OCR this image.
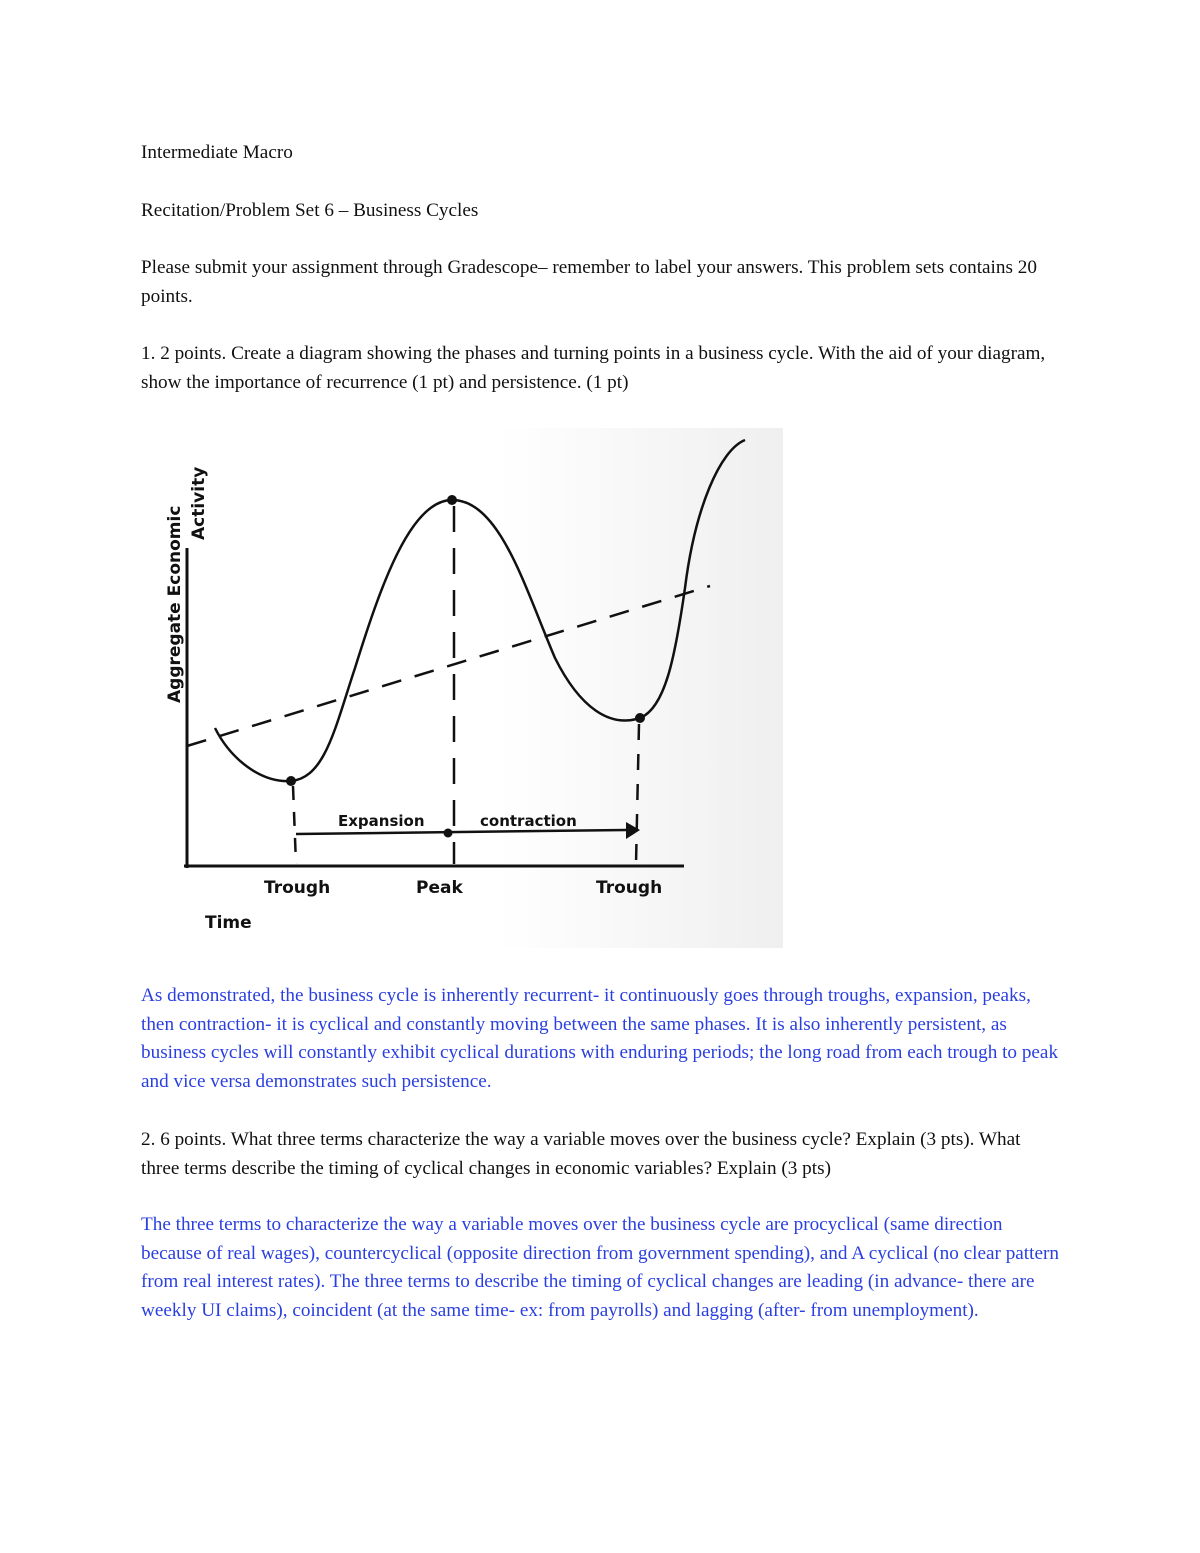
Intermediate Macro

Recitation/Problem Set 6 – Business Cycles

Please submit your assignment through Gradescope– remember to label your answers. This problem sets contains 20 points.

1. 2 points. Create a diagram showing the phases and turning points in a business cycle. With the aid of your diagram, show the importance of recurrence (1 pt) and persistence. (1 pt)

Expansion	contraction
Trough	Peak	Trough
Time
Aggregate Economic
Activity

As demonstrated, the business cycle is inherently recurrent- it continuously goes through troughs, expansion, peaks, then contraction- it is cyclical and constantly moving between the same phases. It is also inherently persistent, as business cycles will constantly exhibit cyclical durations with enduring periods; the long road from each trough to peak and vice versa demonstrates such persistence.

2. 6 points. What three terms characterize the way a variable moves over the business cycle? Explain (3 pts). What three terms describe the timing of cyclical changes in economic variables? Explain (3 pts)

The three terms to characterize the way a variable moves over the business cycle are procyclical (same direction because of real wages), countercyclical (opposite direction from government spending), and A cyclical (no clear pattern from real interest rates). The three terms to describe the timing of cyclical changes are leading (in advance- there are weekly UI claims), coincident (at the same time- ex: from payrolls) and lagging (after- from unemployment).
